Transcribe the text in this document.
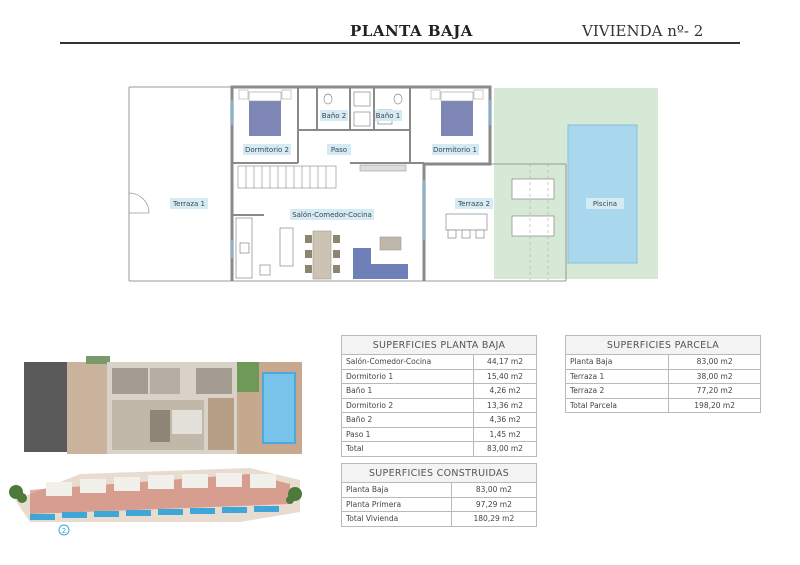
PLANTA BAJA	VIVIENDA nº- 2
Dormitorio 2
Baño 2	Baño 1
Paso	Dormitorio 1
Terraza 1
Salón-Comedor-Cocina
Terraza 2	Piscina
2
SUPERFICIES PLANTA BAJA	
Salón-Comedor-Cocina	44,17 m2
Dormitorio 1	15,40 m2
Baño 1	4,26 m2
Dormitorio 2	13,36 m2
Baño 2	4,36 m2
Paso 1	1,45 m2
Total	83,00 m2
SUPERFICIES CONSTRUIDAS	
Planta Baja	83,00 m2
Planta Primera	97,29 m2
Total Vivienda	180,29 m2
SUPERFICIES PARCELA	
Planta Baja	83,00 m2
Terraza 1	38,00 m2
Terraza 2	77,20 m2
Total Parcela	198,20 m2
